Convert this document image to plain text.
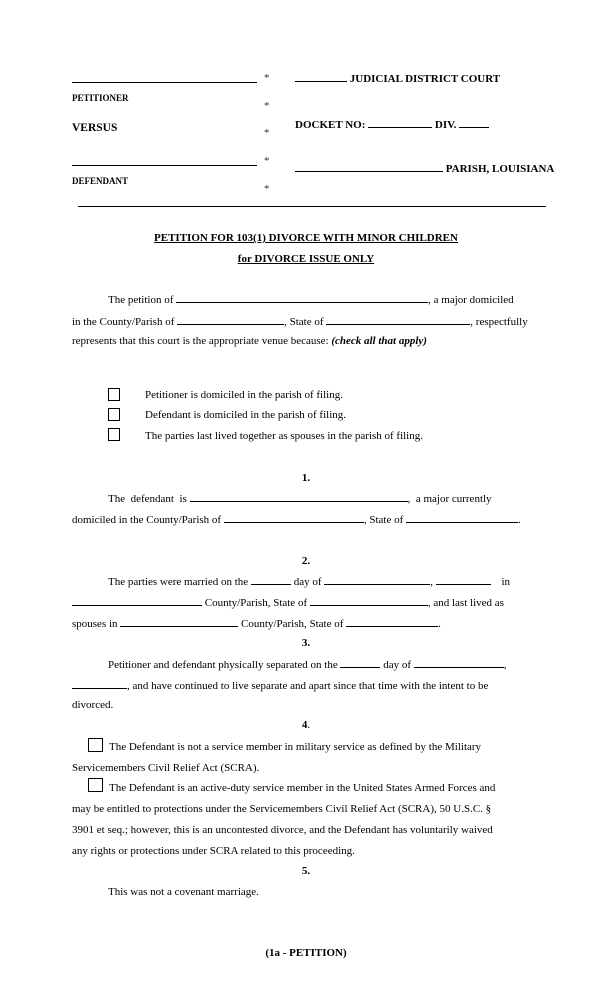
PETITIONER
VERSUS
DEFENDANT
*
*
*
*
*
JUDICIAL DISTRICT COURT
DOCKET NO:	DIV.
PARISH, LOUISIANA
PETITION FOR 103(1) DIVORCE WITH MINOR CHILDREN
for DIVORCE ISSUE ONLY
The petition of	, a major domiciled
in the County/Parish of	, State of	, respectfully
represents that this court is the appropriate venue because: (check all that apply)
Petitioner is domiciled in the parish of filing.
Defendant is domiciled in the parish of filing.
The parties last lived together as spouses in the parish of filing.
1.
The  defendant  is	,  a major currently
domiciled in the County/Parish of	, State of	.
2.
The parties were married on the	day of	,	in
County/Parish, State of	, and last lived as
spouses in	County/Parish, State of	.
3.
Petitioner and defendant physically separated on the	day of	,
, and have continued to live separate and apart since that time with the intent to be
divorced.
4.
The Defendant is not a service member in military service as defined by the Military
Servicemembers Civil Relief Act (SCRA).
The Defendant is an active-duty service member in the United States Armed Forces and
may be entitled to protections under the Servicemembers Civil Relief Act (SCRA), 50 U.S.C. §
3901 et seq.; however, this is an uncontested divorce, and the Defendant has voluntarily waived
any rights or protections under SCRA related to this proceeding.
5.
This was not a covenant marriage.
(1a - PETITION)
